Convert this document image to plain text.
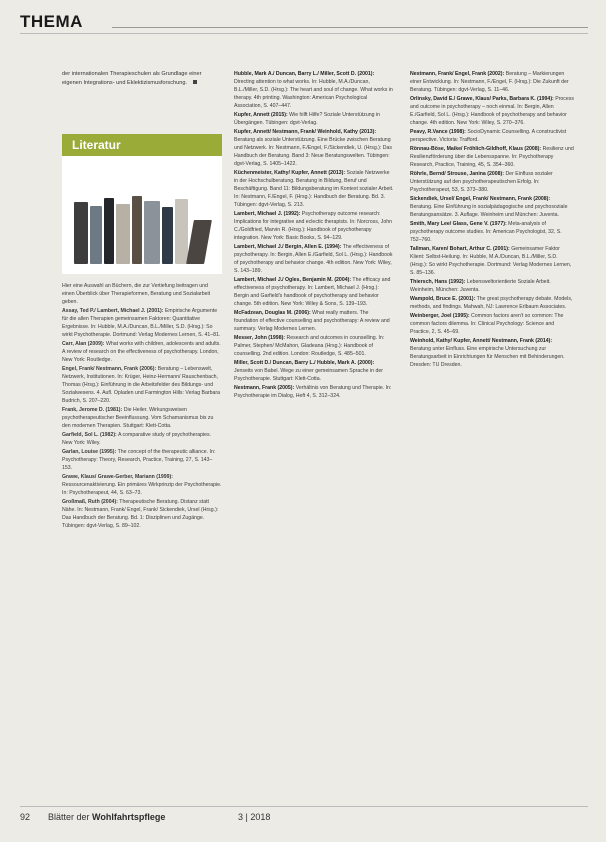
THEMA
der internationalen Therapieschulen als Grundlage einer eigenen Integrations- und Eklektizismusforschung.
Literatur

Hier eine Auswahl an Büchern, die zur Vertiefung beitragen und einen Überblick über Therapieformen, Beratung und Sozialarbeit geben.

Assay, Ted P./ Lambert, Michael J. (2001): Empirische Argumente für die allen Therapien gemeinsamen Faktoren: Quantitative Ergebnisse. In: Hubble, M.A./Duncan, B.L./Miller, S.D. (Hrsg.): So wirkt Psychotherapie. Dortmund: Verlag Modernes Lernen, S. 41–81.

Carr, Alan (2009): What works with children, adolescents and adults. A review of research on the effectiveness of psychotherapy. London, New York: Routledge.

Engel, Frank/ Nestmann, Frank (2006): Beratung – Lebenswelt, Netzwerk, Institutionen. In: Krüger, Heinz-Hermann/ Rauschenbach, Thomas (Hrsg.): Einführung in die Arbeitsfelder des Bildungs- und Sozialwesens. 4. Aufl. Opladen und Farmington Hills: Verlag Barbara Budrich, S. 207–220.

Frank, Jerome D. (1981): Die Heiler. Wirkungsweisen psychotherapeutischer Beeinflussung. Vom Schamanismus bis zu den modernen Therapien. Stuttgart: Klett-Cotta.

Garfield, Sol L. (1982): A comparative study of psychotherapies. New York: Wiley.

Garlan, Louise (1995): The concept of the therapeutic alliance. In: Psychotherapy: Theory, Research, Practice, Training, 27, S. 143–153.

Grawe, Klaus/ Grawe-Gerber, Mariann (1999): Ressourcenaktivierung. Ein primäres Wirkprinzip der Psychotherapie. In: Psychotherapeut, 44, S. 63–73.

Großmaß, Ruth (2004): Therapeutische Beratung. Distanz statt Nähe. In: Nestmann, Frank/ Engel, Frank/ Sickendiek, Ursel (Hrsg.): Das Handbuch der Beratung. Bd. 1: Disziplinen und Zugänge. Tübingen: dgvt-Verlag, S. 89–102.

Hubble, Mark A./ Duncan, Barry L./ Miller, Scott D. (2001): Directing attention to what works. In: Hubble, M.A./Duncan, B.L./Miller, S.D. (Hrsg.): The heart and soul of change. What works in therapy. 4th printing. Washington: American Psychological Association, S. 407–447.

Kupfer, Annett (2015): Wie hilft Hilfe? Soziale Unterstützung in Übergängen. Tübingen: dgvt-Verlag.

Kupfer, Annett/ Nestmann, Frank/ Weinhold, Kathy (2013): Beratung als soziale Unterstützung. Eine Brücke zwischen Beratung und Netzwerk. In: Nestmann, F./Engel, F./Sickendiek, U. (Hrsg.): Das Handbuch der Beratung. Band 3: Neue Beratungswelten. Tübingen: dgvt-Verlag, S. 1405–1422.

Küchenmeister, Kathy/ Kupfer, Annett (2013): Soziale Netzwerke in der Hochschulberatung. Beratung in Bildung, Beruf und Beschäftigung. Band 11: Bildungsberatung im Kontext sozialer Arbeit. In: Nestmann, F./Engel, F. (Hrsg.): Handbuch der Beratung. Bd. 3. Tübingen: dgvt-Verlag, S. 213.

Lambert, Michael J. (1992): Psychotherapy outcome research: Implications for integrative and eclectic therapists. In: Norcross, John C./Goldfried, Marvin R. (Hrsg.): Handbook of psychotherapy integration. New York: Basic Books, S. 94–129.

Lambert, Michael J./ Bergin, Allen E. (1994): The effectiveness of psychotherapy. In: Bergin, Allen E./Garfield, Sol L. (Hrsg.): Handbook of psychotherapy and behavior change. 4th edition. New York: Wiley, S. 143–189.

Lambert, Michael J./ Ogles, Benjamin M. (2004): The efficacy and effectiveness of psychotherapy. In: Lambert, Michael J. (Hrsg.): Bergin and Garfield's handbook of psychotherapy and behavior change. 5th edition. New York: Wiley & Sons, S. 139–193.

McFadzean, Douglas M. (2006): What really matters. The foundation of effective counselling and psychotherapy: A review and summary. Verlag Modernes Lernen.

Messer, John (1998): Research and outcomes in counselling. In: Palmer, Stephen/ McMahon, Gladeana (Hrsg.): Handbook of counselling. 2nd edition. London: Routledge, S. 485–501.

Miller, Scott D./ Duncan, Barry L./ Hubble, Mark A. (2000): Jenseits von Babel. Wege zu einer gemeinsamen Sprache in der Psychotherapie. Stuttgart: Klett-Cotta.

Nestmann, Frank (2005): Verhältnis von Beratung und Therapie. In: Psychotherapie im Dialog, Heft 4, S. 312–324.

Nestmann, Frank/ Engel, Frank (2002): Beratung – Markierungen einer Entwicklung. In: Nestmann, F./Engel, F. (Hrsg.): Die Zukunft der Beratung. Tübingen: dgvt-Verlag, S. 11–46.

Orlinsky, David E./ Grawe, Klaus/ Parks, Barbara K. (1994): Process and outcome in psychotherapy – noch einmal. In: Bergin, Allen E./Garfield, Sol L. (Hrsg.): Handbook of psychotherapy and behavior change. 4th edition. New York: Wiley, S. 270–376.

Peavy, R.Vance (1998): SocioDynamic Counselling. A constructivist perspective. Victoria: Trafford.

Rönnau-Böse, Maike/ Fröhlich-Gildhoff, Klaus (2008): Resilienz und Resilienzförderung über die Lebensspanne. In: Psychotherapy Research, Practice, Training, 45, S. 354–360.

Röhrle, Bernd/ Strouse, Janina (2008): Der Einfluss sozialer Unterstützung auf den psychotherapeutischen Erfolg. In: Psychotherapeut, 53, S. 373–380.

Sickendiek, Ursel/ Engel, Frank/ Nestmann, Frank (2008): Beratung. Eine Einführung in sozialpädagogische und psychosoziale Beratungsansätze. 3. Auflage. Weinheim und München: Juventa.

Smith, Mary Lee/ Glass, Gene V. (1977): Meta-analysis of psychotherapy outcome studies. In: American Psychologist, 32, S. 752–760.

Tallman, Karen/ Bohart, Arthur C. (2001): Gemeinsamer Faktor Klient: Selbst-Heilung. In: Hubble, M.A./Duncan, B.L./Miller, S.D. (Hrsg.): So wirkt Psychotherapie. Dortmund: Verlag Modernes Lernen, S. 85–136.

Thiersch, Hans (1992): Lebensweltorientierte Soziale Arbeit. Weinheim, München: Juventa.

Wampold, Bruce E. (2001): The great psychotherapy debate. Models, methods, and findings. Mahwah, NJ: Lawrence Erlbaum Associates.

Weinberger, Joel (1995): Common factors aren't so common: The common factors dilemma. In: Clinical Psychology: Science and Practice, 2, S. 45–69.

Weinhold, Kathy/ Kupfer, Annett/ Nestmann, Frank (2014): Beratung unter Einfluss. Eine empirische Untersuchung zur Beratungsarbeit in Einrichtungen für Menschen mit Behinderungen. Dresden: TU Dresden.

92 Blätter der Wohlfahrtspflege	3 | 2018
